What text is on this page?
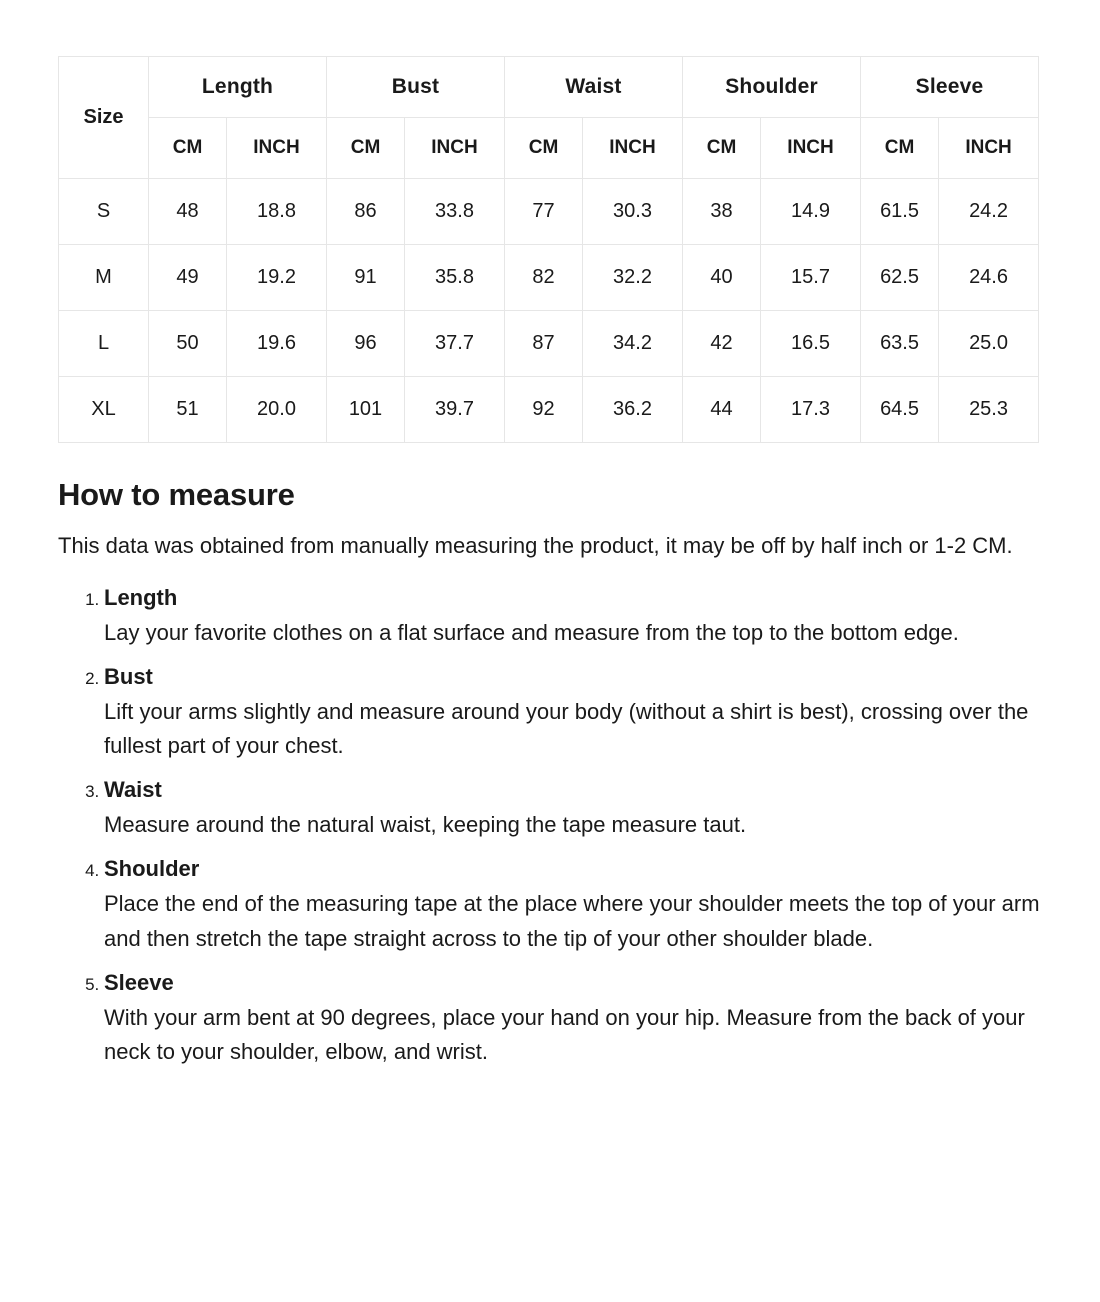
Size	Length		Bust		Waist		Shoulder		Sleeve	
	CM	INCH	CM	INCH	CM	INCH	CM	INCH	CM	INCH
S	48	18.8	86	33.8	77	30.3	38	14.9	61.5	24.2
M	49	19.2	91	35.8	82	32.2	40	15.7	62.5	24.6
L	50	19.6	96	37.7	87	34.2	42	16.5	63.5	25.0
XL	51	20.0	101	39.7	92	36.2	44	17.3	64.5	25.3
How to measure

This data was obtained from manually measuring the product, it may be off by half inch or 1-2 CM.

1. Length
Lay your favorite clothes on a flat surface and measure from the top to the bottom edge.
2. Bust
Lift your arms slightly and measure around your body (without a shirt is best), crossing over the fullest part of your chest.
3. Waist
Measure around the natural waist, keeping the tape measure taut.
4. Shoulder
Place the end of the measuring tape at the place where your shoulder meets the top of your arm and then stretch the tape straight across to the tip of your other shoulder blade.
5. Sleeve
With your arm bent at 90 degrees, place your hand on your hip. Measure from the back of your neck to your shoulder, elbow, and wrist.
